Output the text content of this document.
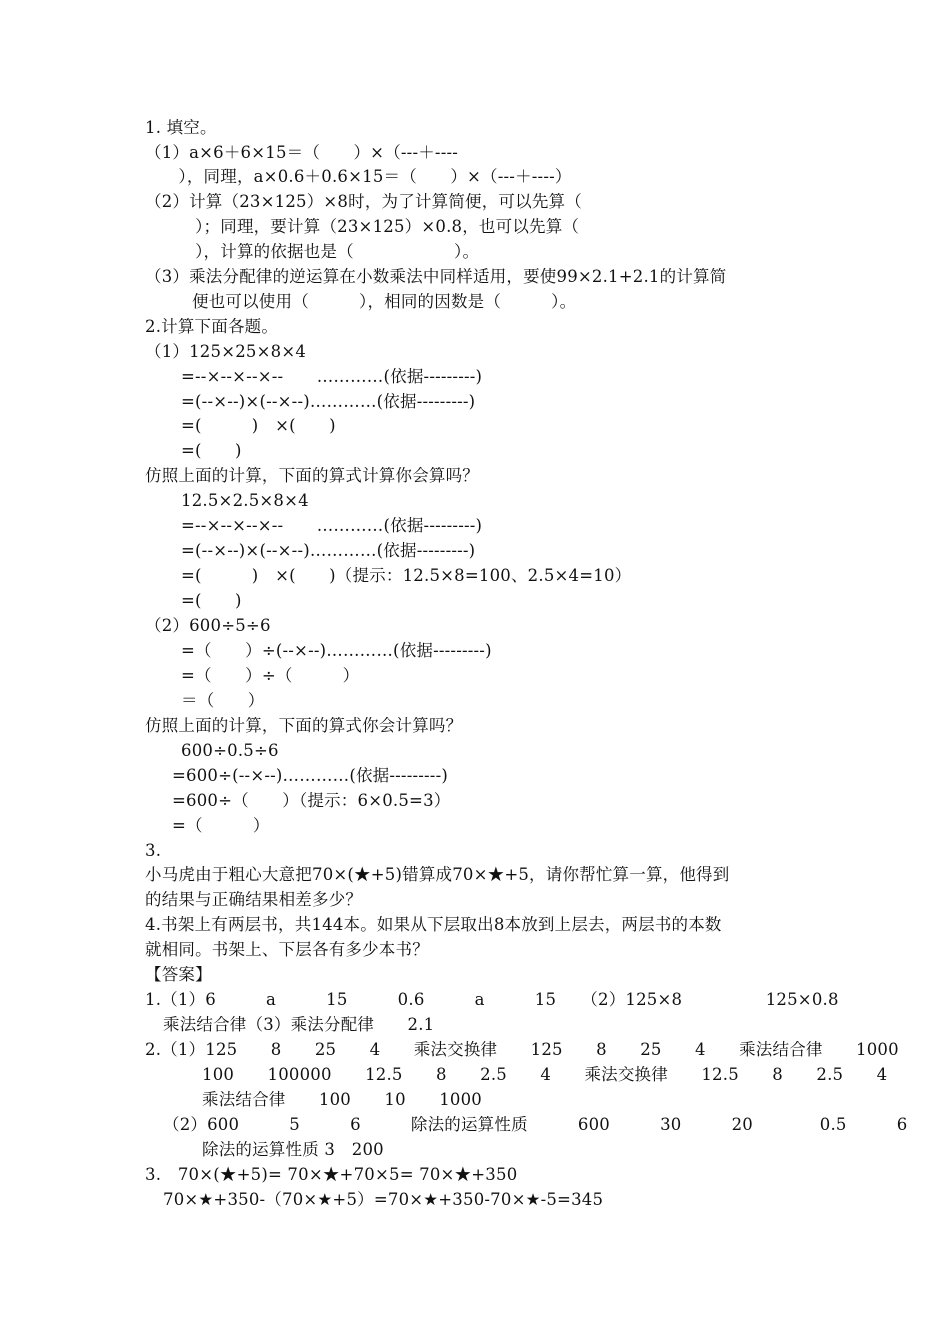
1. 填空。
（1）a×6＋6×15＝（　　）×（---＋----
　　），同理，a×0.6＋0.6×15＝（　　）×（---＋----）
（2）计算（23×125）×8时，为了计算简便，可以先算（
　　　）；同理，要计算（23×125）×0.8，也可以先算（
　　　），计算的依据也是（　　　　　　）。
（3）乘法分配律的逆运算在小数乘法中同样适用，要使99×2.1+2.1的计算简
便也可以使用（　　　），相同的因数是（　　　）。
2.计算下面各题。
（1）125×25×8×4
=--×--×--×--　　…………(依据---------)
=(--×--)×(--×--)…………(依据---------)
=(　　　)　×(　　)
=(　　)
仿照上面的计算，下面的算式计算你会算吗？
12.5×2.5×8×4
=--×--×--×--　　…………(依据---------)
=(--×--)×(--×--)…………(依据---------)
=(　　　)　×(　　)（提示：12.5×8=100、2.5×4=10）
=(　　)
（2）600÷5÷6
=（　　）÷(--×--)…………(依据---------)
=（　　）÷（　　　）
＝（　　）
仿照上面的计算，下面的算式你会计算吗？
600÷0.5÷6
=600÷(--×--)…………(依据---------)
=600÷（　　）（提示：6×0.5=3）
=（　　　）
3.
小马虎由于粗心大意把70×(★+5)错算成70×★+5，请你帮忙算一算，他得到
的结果与正确结果相差多少？
4.书架上有两层书，共144本。如果从下层取出8本放到上层去，两层书的本数
就相同。书架上、下层各有多少本书？
【答案】
1.（1）6　　　a　　　15　　　0.6　　　a　　　15　　（2）125×8　　　　　125×0.8
乘法结合律（3）乘法分配律　　2.1
2.（1）125　　8　　25　　4　　乘法交换律　　125　　8　　25　　4　　乘法结合律　　1000
100　　100000　　12.5　　8　　2.5　　4　　乘法交换律　　12.5　　8　　2.5　　4
乘法结合律　　100　　10　　1000
（2）600　　　5　　　6　　　除法的运算性质　　　600　　　30　　　20　　　　0.5　　　6
除法的运算性质 3　200
3.　70×(★+5)= 70×★+70×5= 70×★+350
70×★+350-（70×★+5）=70×★+350-70×★-5=345
